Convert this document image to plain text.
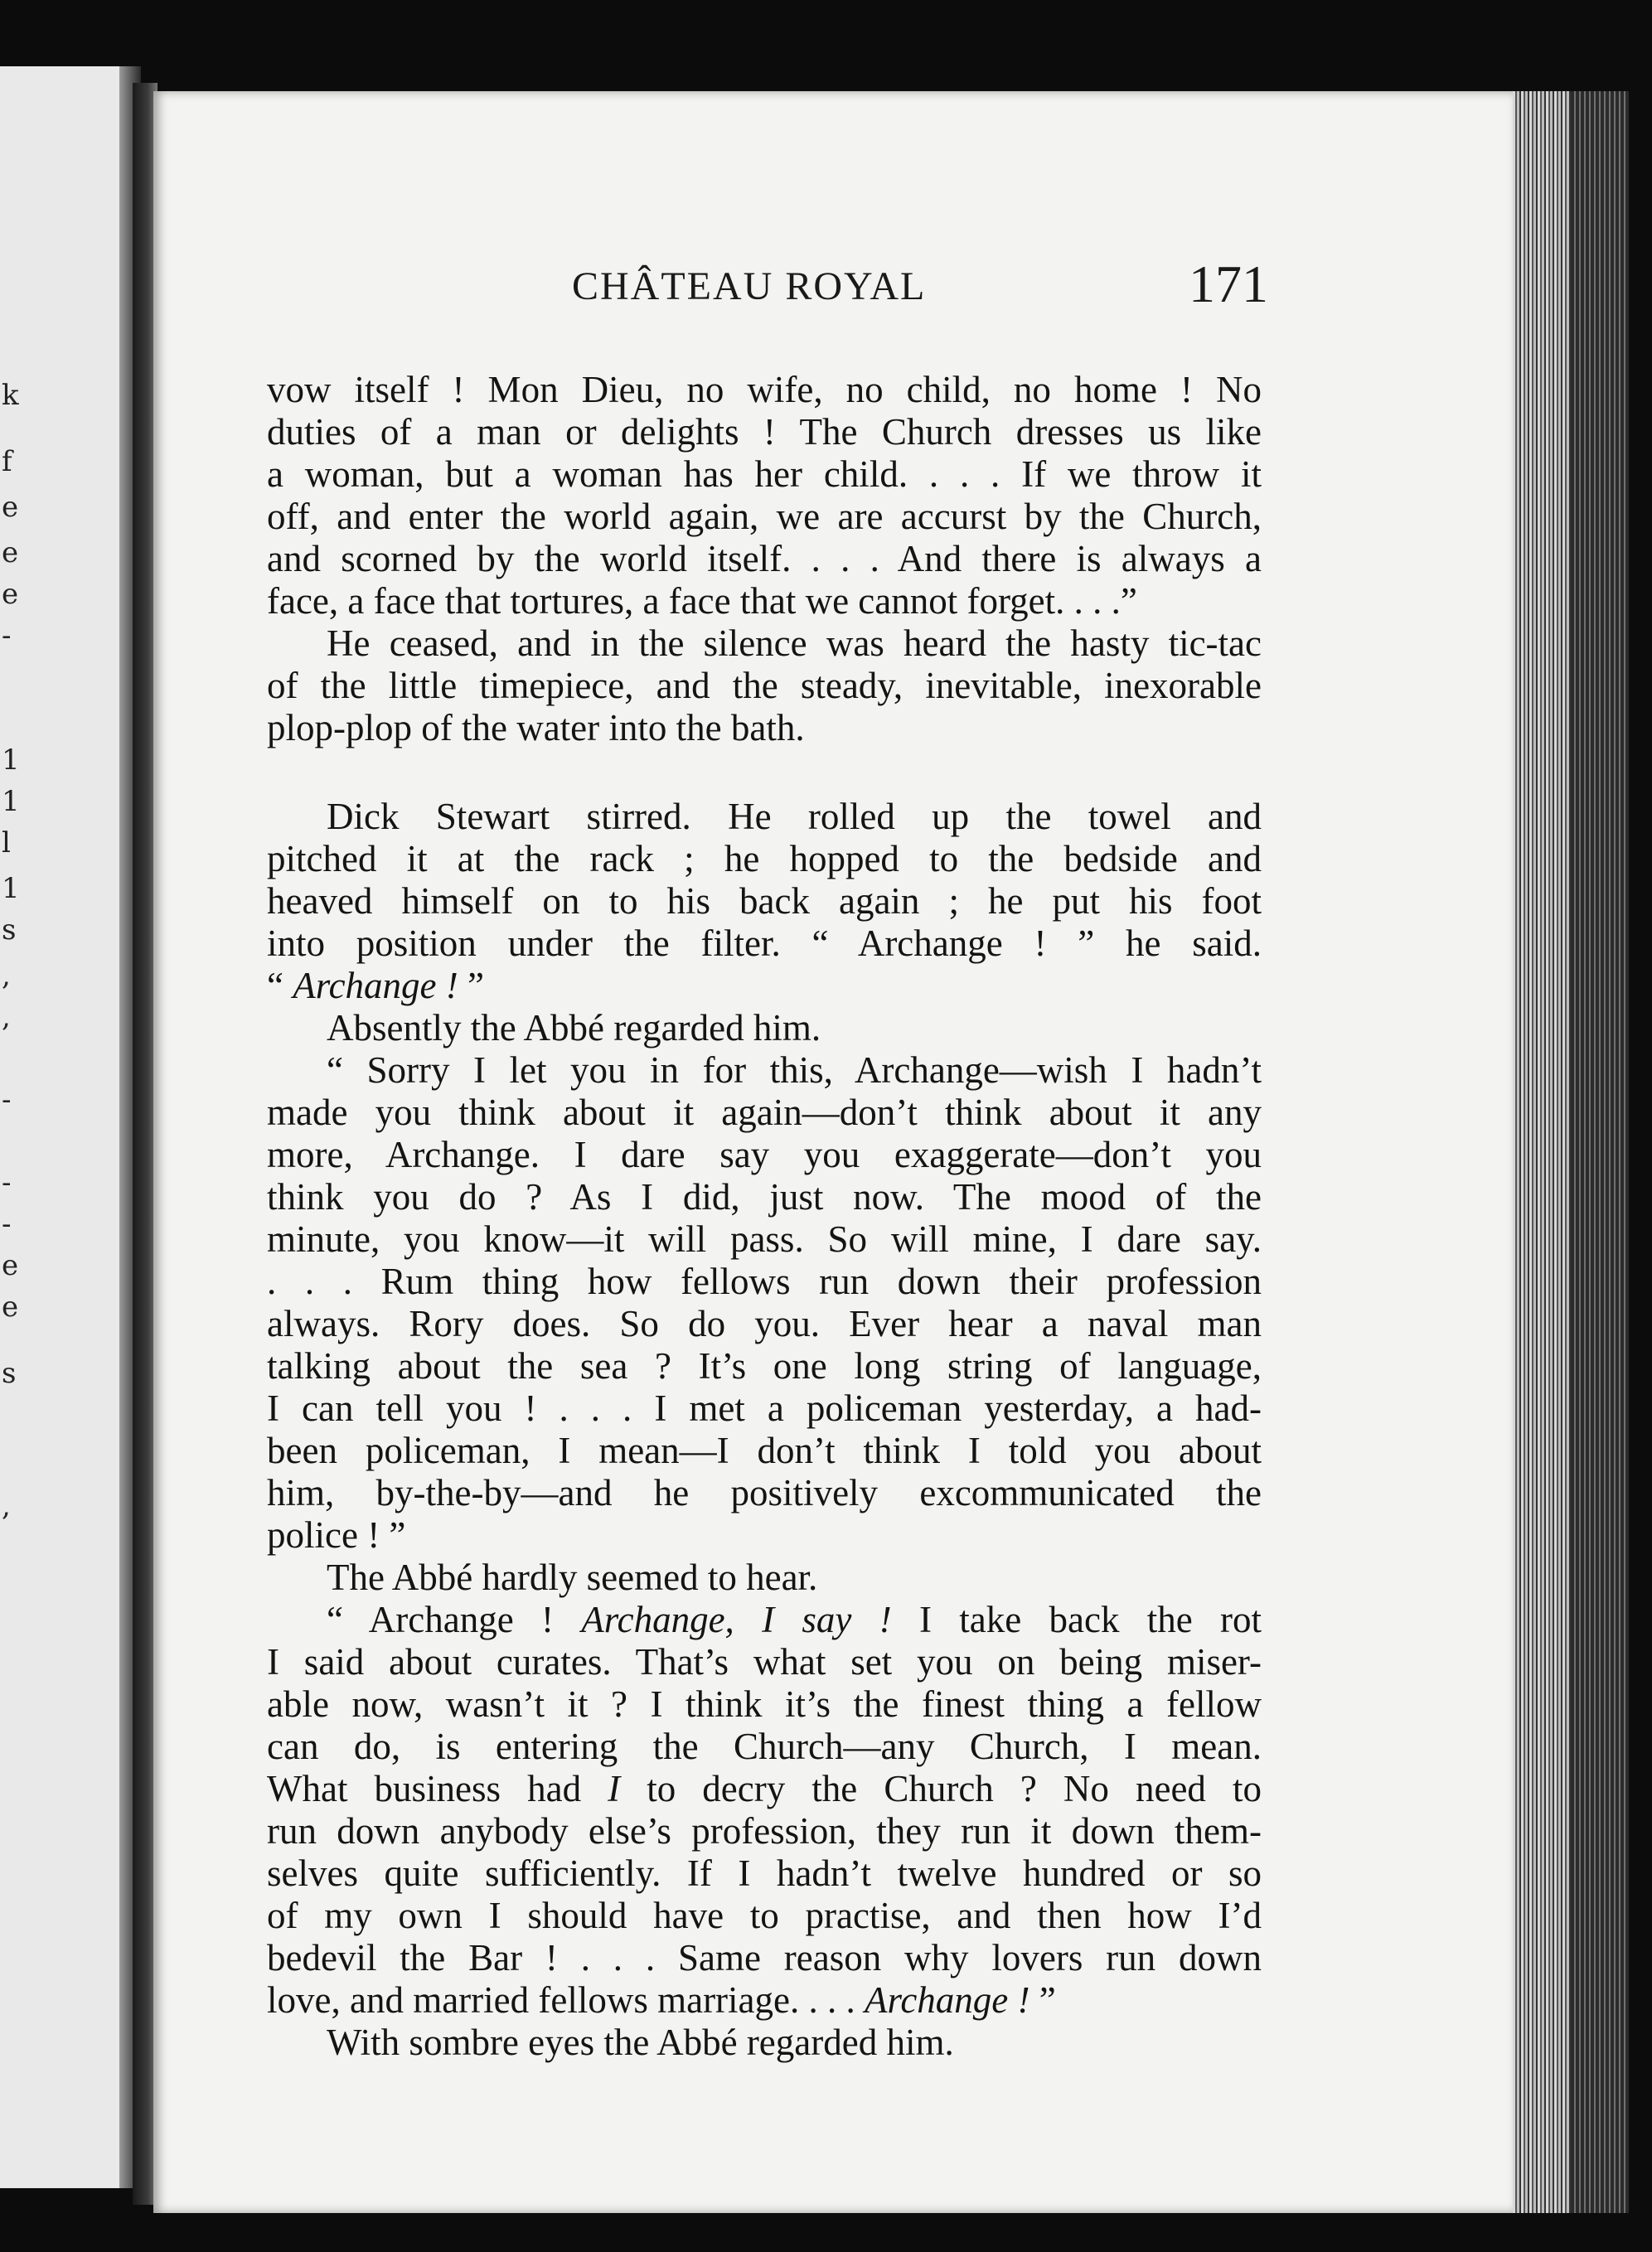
k
f
e
e
e
-
1
1
l
1
s
,
,
-
-
-
e
e
s
,
CHÂTEAU ROYAL	171
vow itself ! Mon Dieu, no wife, no child, no home ! No
duties of a man or delights ! The Church dresses us like
a woman, but a woman has her child. . . . If we throw it
off, and enter the world again, we are accurst by the Church,
and scorned by the world itself. . . . And there is always a
face, a face that tortures, a face that we cannot forget. . . .”
He ceased, and in the silence was heard the hasty tic-tac
of the little timepiece, and the steady, inevitable, inexorable
plop-plop of the water into the bath.
Dick Stewart stirred. He rolled up the towel and
pitched it at the rack ; he hopped to the bedside and
heaved himself on to his back again ; he put his foot
into position under the filter. “ Archange ! ” he said.
“ Archange ! ”
Absently the Abbé regarded him.
“ Sorry I let you in for this, Archange—wish I hadn’t
made you think about it again—don’t think about it any
more, Archange. I dare say you exaggerate—don’t you
think you do ? As I did, just now. The mood of the
minute, you know—it will pass. So will mine, I dare say.
. . . Rum thing how fellows run down their profession
always. Rory does. So do you. Ever hear a naval man
talking about the sea ? It’s one long string of language,
I can tell you ! . . . I met a policeman yesterday, a had-
been policeman, I mean—I don’t think I told you about
him, by-the-by—and he positively excommunicated the
police ! ”
The Abbé hardly seemed to hear.
“ Archange ! Archange, I say ! I take back the rot
I said about curates. That’s what set you on being miser-
able now, wasn’t it ? I think it’s the finest thing a fellow
can do, is entering the Church—any Church, I mean.
What business had I to decry the Church ? No need to
run down anybody else’s profession, they run it down them-
selves quite sufficiently. If I hadn’t twelve hundred or so
of my own I should have to practise, and then how I’d
bedevil the Bar ! . . . Same reason why lovers run down
love, and married fellows marriage. . . . Archange ! ”
With sombre eyes the Abbé regarded him.
